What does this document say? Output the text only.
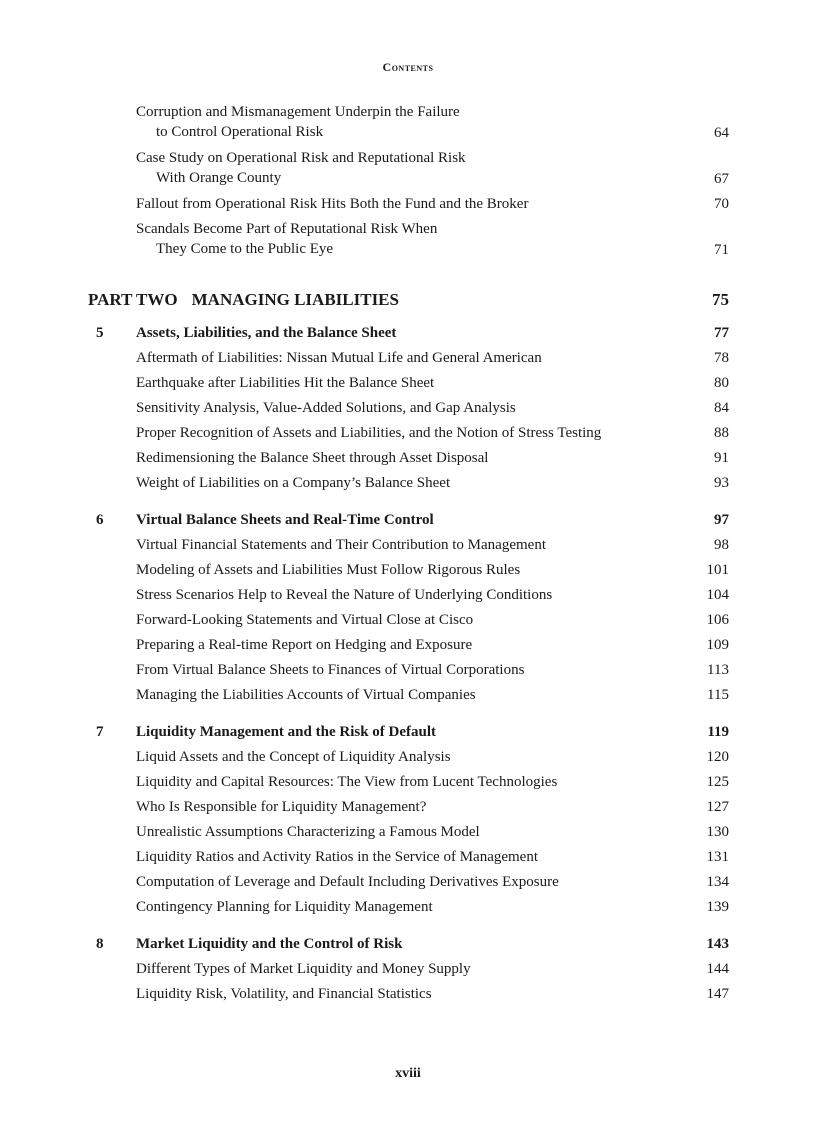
Contents
Corruption and Mismanagement Underpin the Failure
to Control Operational Risk	64
Case Study on Operational Risk and Reputational Risk
With Orange County	67
Fallout from Operational Risk Hits Both the Fund and the Broker	70
Scandals Become Part of Reputational Risk When
They Come to the Public Eye	71
PART TWO MANAGING LIABILITIES	75
5 Assets, Liabilities, and the Balance Sheet	77
Aftermath of Liabilities: Nissan Mutual Life and General American	78
Earthquake after Liabilities Hit the Balance Sheet	80
Sensitivity Analysis, Value-Added Solutions, and Gap Analysis	84
Proper Recognition of Assets and Liabilities, and the Notion of Stress Testing	88
Redimensioning the Balance Sheet through Asset Disposal	91
Weight of Liabilities on a Company’s Balance Sheet	93
6 Virtual Balance Sheets and Real-Time Control	97
Virtual Financial Statements and Their Contribution to Management	98
Modeling of Assets and Liabilities Must Follow Rigorous Rules	101
Stress Scenarios Help to Reveal the Nature of Underlying Conditions	104
Forward-Looking Statements and Virtual Close at Cisco	106
Preparing a Real-time Report on Hedging and Exposure	109
From Virtual Balance Sheets to Finances of Virtual Corporations	113
Managing the Liabilities Accounts of Virtual Companies	115
7 Liquidity Management and the Risk of Default	119
Liquid Assets and the Concept of Liquidity Analysis	120
Liquidity and Capital Resources: The View from Lucent Technologies	125
Who Is Responsible for Liquidity Management?	127
Unrealistic Assumptions Characterizing a Famous Model	130
Liquidity Ratios and Activity Ratios in the Service of Management	131
Computation of Leverage and Default Including Derivatives Exposure	134
Contingency Planning for Liquidity Management	139
8 Market Liquidity and the Control of Risk	143
Different Types of Market Liquidity and Money Supply	144
Liquidity Risk, Volatility, and Financial Statistics	147
xviii
